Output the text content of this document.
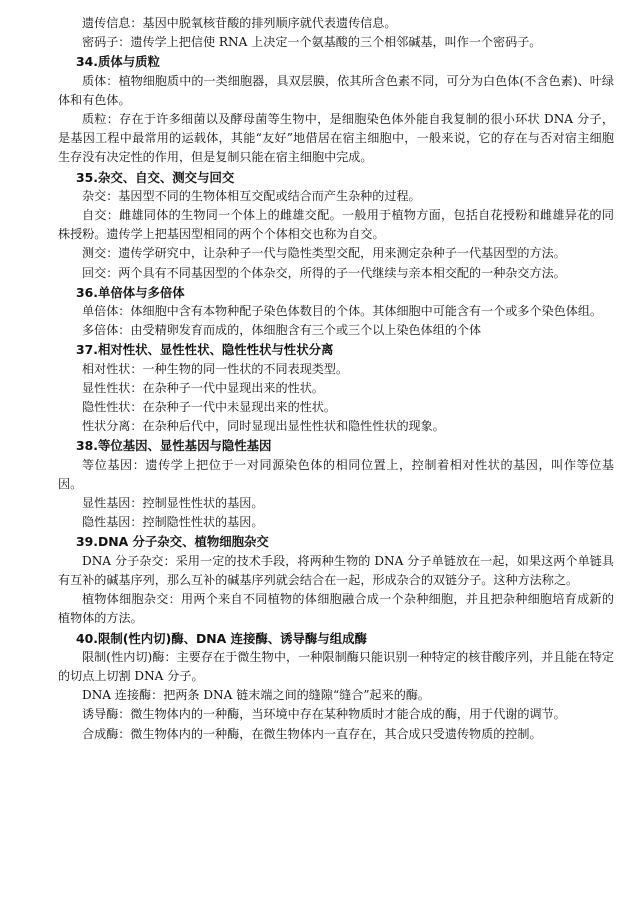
遗传信息：基因中脱氧核苷酸的排列顺序就代表遗传信息。

密码子：遗传学上把信使 RNA 上决定一个氨基酸的三个相邻碱基，叫作一个密码子。

34.质体与质粒

质体：植物细胞质中的一类细胞器，具双层膜，依其所含色素不同，可分为白色体(不含色素)、叶绿体和有色体。

质粒：存在于许多细菌以及酵母菌等生物中，是细胞染色体外能自我复制的很小环状 DNA 分子，是基因工程中最常用的运载体，其能“友好”地借居在宿主细胞中，一般来说，它的存在与否对宿主细胞生存没有决定性的作用，但是复制只能在宿主细胞中完成。

35.杂交、自交、测交与回交

杂交：基因型不同的生物体相互交配或结合而产生杂种的过程。

自交：雌雄同体的生物同一个体上的雌雄交配。一般用于植物方面，包括自花授粉和雌雄异花的同株授粉。遗传学上把基因型相同的两个个体相交也称为自交。

测交：遗传学研究中，让杂种子一代与隐性类型交配，用来测定杂种子一代基因型的方法。

回交：两个具有不同基因型的个体杂交，所得的子一代继续与亲本相交配的一种杂交方法。

36.单倍体与多倍体

单倍体：体细胞中含有本物种配子染色体数目的个体。其体细胞中可能含有一个或多个染色体组。

多倍体：由受精卵发育而成的，体细胞含有三个或三个以上染色体组的个体

37.相对性状、显性性状、隐性性状与性状分离

相对性状：一种生物的同一性状的不同表现类型。

显性性状：在杂种子一代中显现出来的性状。

隐性性状：在杂种子一代中未显现出来的性状。

性状分离：在杂种后代中，同时显现出显性性状和隐性性状的现象。

38.等位基因、显性基因与隐性基因

等位基因：遗传学上把位于一对同源染色体的相同位置上，控制着相对性状的基因，叫作等位基因。

显性基因：控制显性性状的基因。

隐性基因：控制隐性性状的基因。

39.DNA 分子杂交、植物细胞杂交

DNA 分子杂交：采用一定的技术手段，将两种生物的 DNA 分子单链放在一起，如果这两个单链具有互补的碱基序列，那么互补的碱基序列就会结合在一起，形成杂合的双链分子。这种方法称之。

植物体细胞杂交：用两个来自不同植物的体细胞融合成一个杂种细胞，并且把杂种细胞培育成新的植物体的方法。

40.限制(性内切)酶、DNA 连接酶、诱导酶与组成酶

限制(性内切)酶：主要存在于微生物中，一种限制酶只能识别一种特定的核苷酸序列，并且能在特定的切点上切割 DNA 分子。

DNA 连接酶：把两条 DNA 链末端之间的缝隙“缝合”起来的酶。

诱导酶：微生物体内的一种酶，当环境中存在某种物质时才能合成的酶，用于代谢的调节。

合成酶：微生物体内的一种酶，在微生物体内一直存在，其合成只受遗传物质的控制。
